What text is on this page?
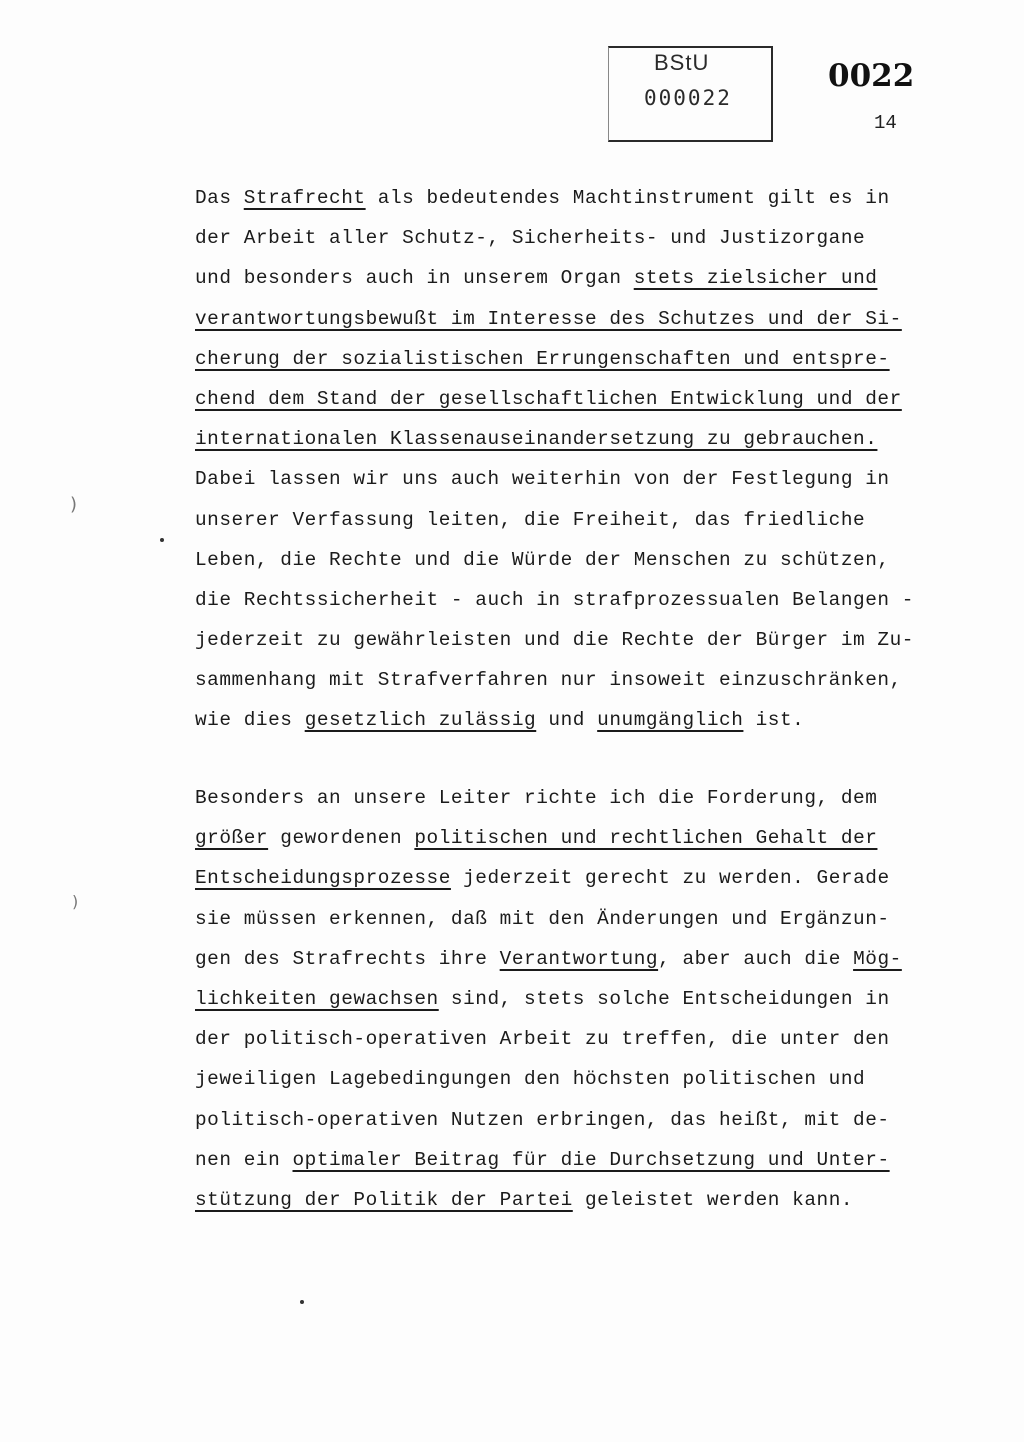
BStU
000022
0022
14
Das Strafrecht als bedeutendes Machtinstrument gilt es in
der Arbeit aller Schutz-, Sicherheits- und Justizorgane
und besonders auch in unserem Organ stets zielsicher und
verantwortungsbewußt im Interesse des Schutzes und der Si-
cherung der sozialistischen Errungenschaften und entspre-
chend dem Stand der gesellschaftlichen Entwicklung und der
internationalen Klassenauseinandersetzung zu gebrauchen.
Dabei lassen wir uns auch weiterhin von der Festlegung in
unserer Verfassung leiten, die Freiheit, das friedliche
Leben, die Rechte und die Würde der Menschen zu schützen,
die Rechtssicherheit - auch in strafprozessualen Belangen -
jederzeit zu gewährleisten und die Rechte der Bürger im Zu-
sammenhang mit Strafverfahren nur insoweit einzuschränken,
wie dies gesetzlich zulässig und unumgänglich ist.
Besonders an unsere Leiter richte ich die Forderung, dem
größer gewordenen politischen und rechtlichen Gehalt der
Entscheidungsprozesse jederzeit gerecht zu werden. Gerade
sie müssen erkennen, daß mit den Änderungen und Ergänzun-
gen des Strafrechts ihre Verantwortung, aber auch die Mög-
lichkeiten gewachsen sind, stets solche Entscheidungen in
der politisch-operativen Arbeit zu treffen, die unter den
jeweiligen Lagebedingungen den höchsten politischen und
politisch-operativen Nutzen erbringen, das heißt, mit de-
nen ein optimaler Beitrag für die Durchsetzung und Unter-
stützung der Politik der Partei geleistet werden kann.
)
)
